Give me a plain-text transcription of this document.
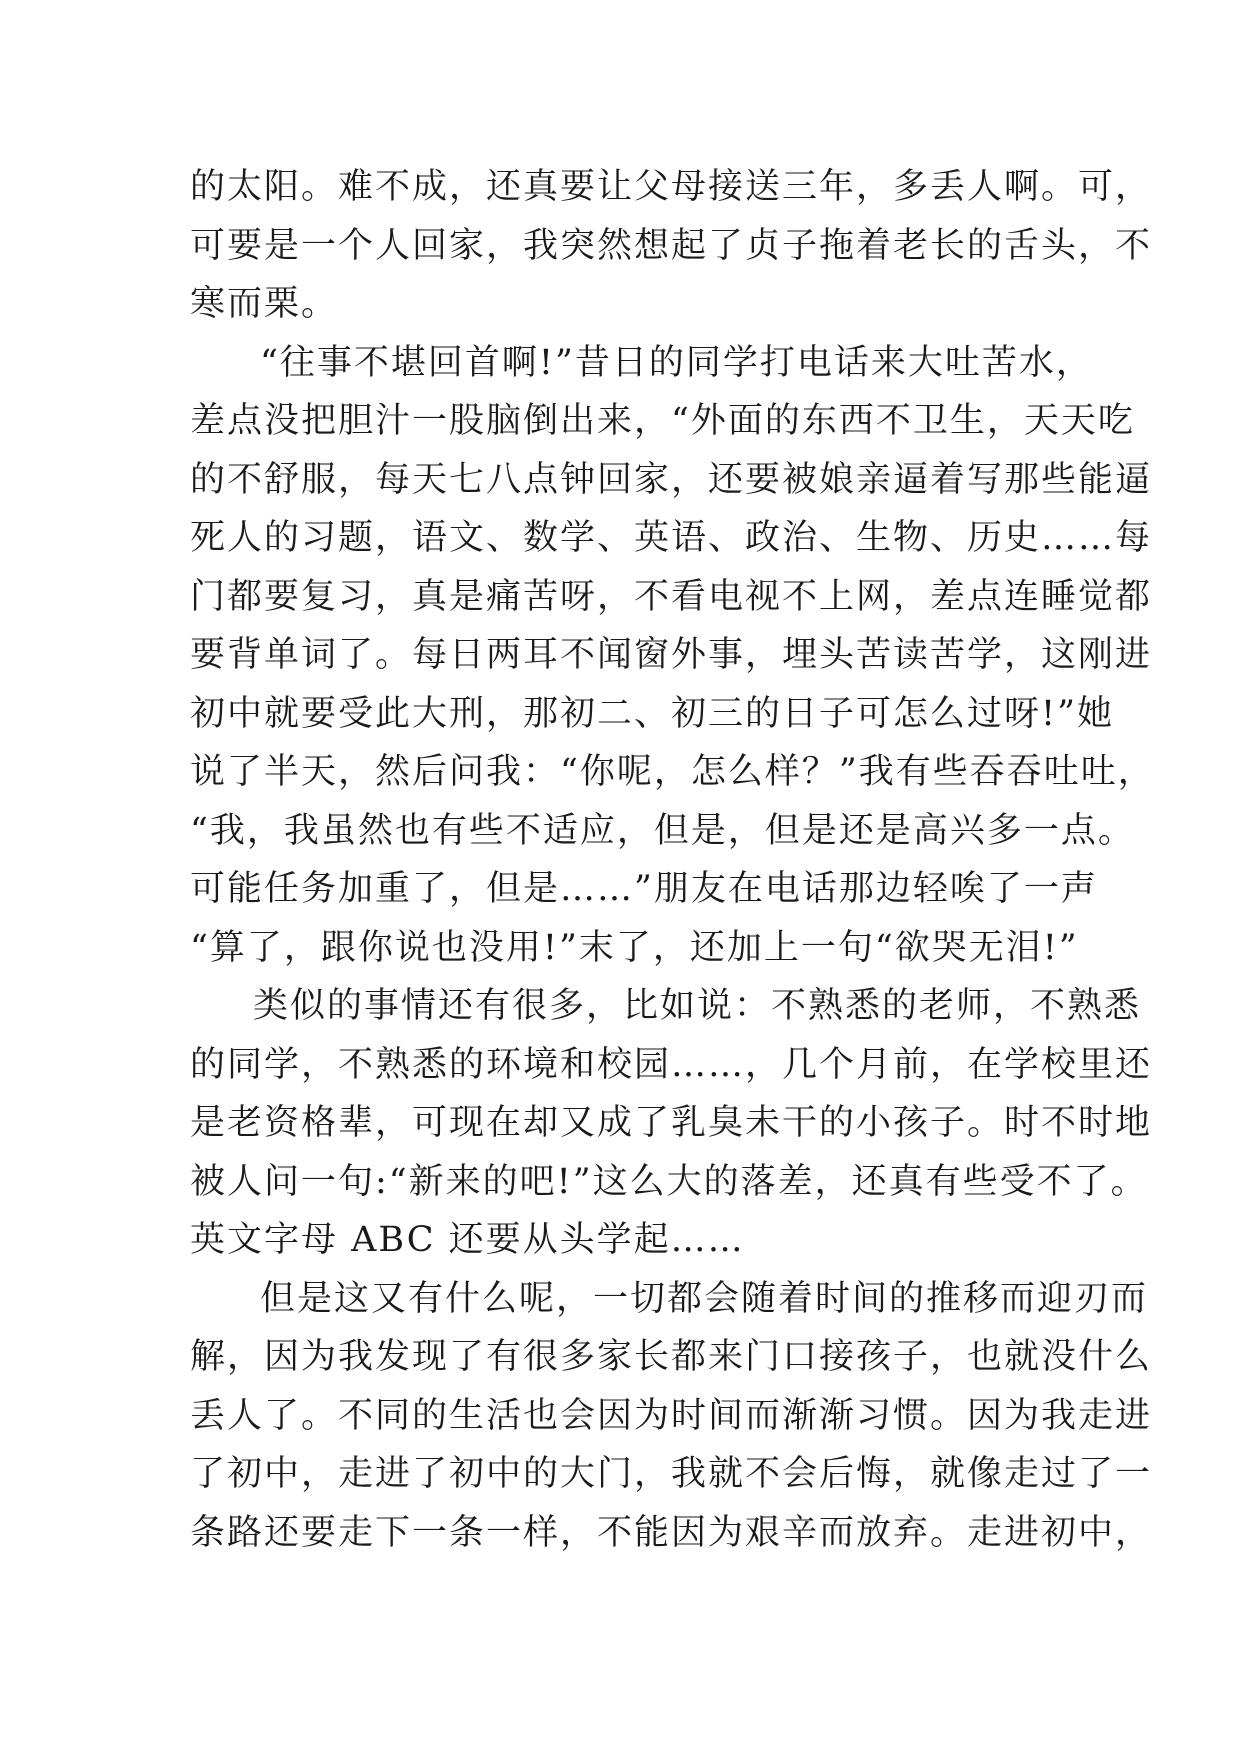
的太阳。难不成，还真要让父母接送三年，多丢人啊。可，
可要是一个人回家，我突然想起了贞子拖着老长的舌头，不
寒而栗。
“往事不堪回首啊!”昔日的同学打电话来大吐苦水，
差点没把胆汁一股脑倒出来，“外面的东西不卫生，天天吃
的不舒服，每天七八点钟回家，还要被娘亲逼着写那些能逼
死人的习题，语文、数学、英语、政治、生物、历史……每
门都要复习，真是痛苦呀，不看电视不上网，差点连睡觉都
要背单词了。每日两耳不闻窗外事，埋头苦读苦学，这刚进
初中就要受此大刑，那初二、初三的日子可怎么过呀!”她
说了半天，然后问我：“你呢，怎么样？”我有些吞吞吐吐，
“我，我虽然也有些不适应，但是，但是还是高兴多一点。
可能任务加重了，但是……”朋友在电话那边轻唉了一声
“算了，跟你说也没用!”末了，还加上一句“欲哭无泪!”
类似的事情还有很多，比如说：不熟悉的老师，不熟悉
的同学，不熟悉的环境和校园……，几个月前，在学校里还
是老资格辈，可现在却又成了乳臭未干的小孩子。时不时地
被人问一句:“新来的吧!”这么大的落差，还真有些受不了。
英文字母 ABC 还要从头学起……
但是这又有什么呢，一切都会随着时间的推移而迎刃而
解，因为我发现了有很多家长都来门口接孩子，也就没什么
丢人了。不同的生活也会因为时间而渐渐习惯。因为我走进
了初中，走进了初中的大门，我就不会后悔，就像走过了一
条路还要走下一条一样，不能因为艰辛而放弃。走进初中，
